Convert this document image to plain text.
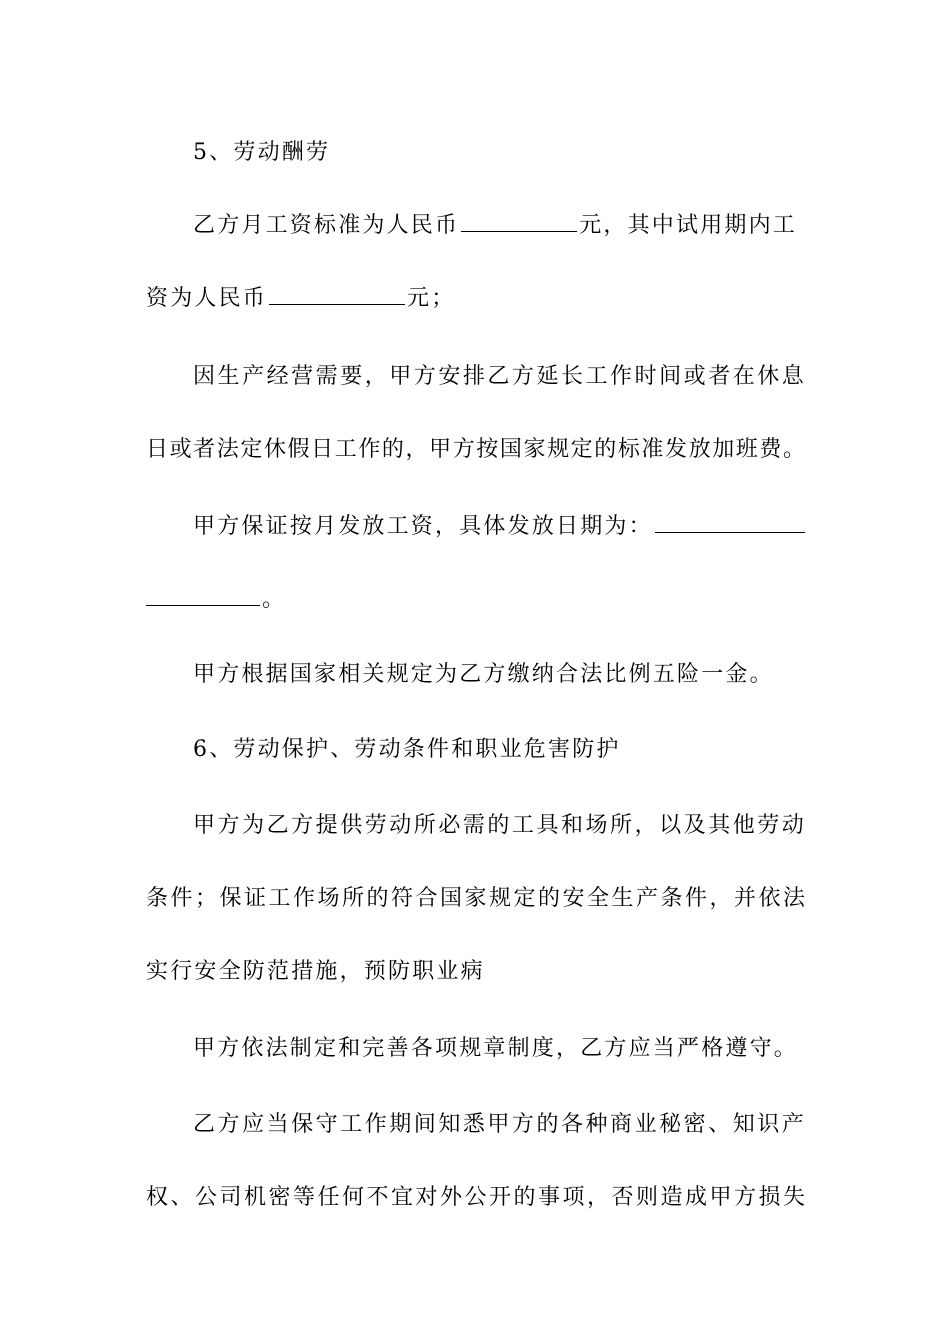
5、劳动酬劳
乙方月工资标准为人民币	元，其中试用期内工
资为人民币	元；
因生产经营需要，甲方安排乙方延长工作时间或者在休息
日或者法定休假日工作的，甲方按国家规定的标准发放加班费。
甲方保证按月发放工资，具体发放日期为：
。
甲方根据国家相关规定为乙方缴纳合法比例五险一金。
6、劳动保护、劳动条件和职业危害防护
甲方为乙方提供劳动所必需的工具和场所，以及其他劳动
条件；保证工作场所的符合国家规定的安全生产条件，并依法
实行安全防范措施，预防职业病
甲方依法制定和完善各项规章制度，乙方应当严格遵守。
乙方应当保守工作期间知悉甲方的各种商业秘密、知识产
权、公司机密等任何不宜对外公开的事项，否则造成甲方损失
